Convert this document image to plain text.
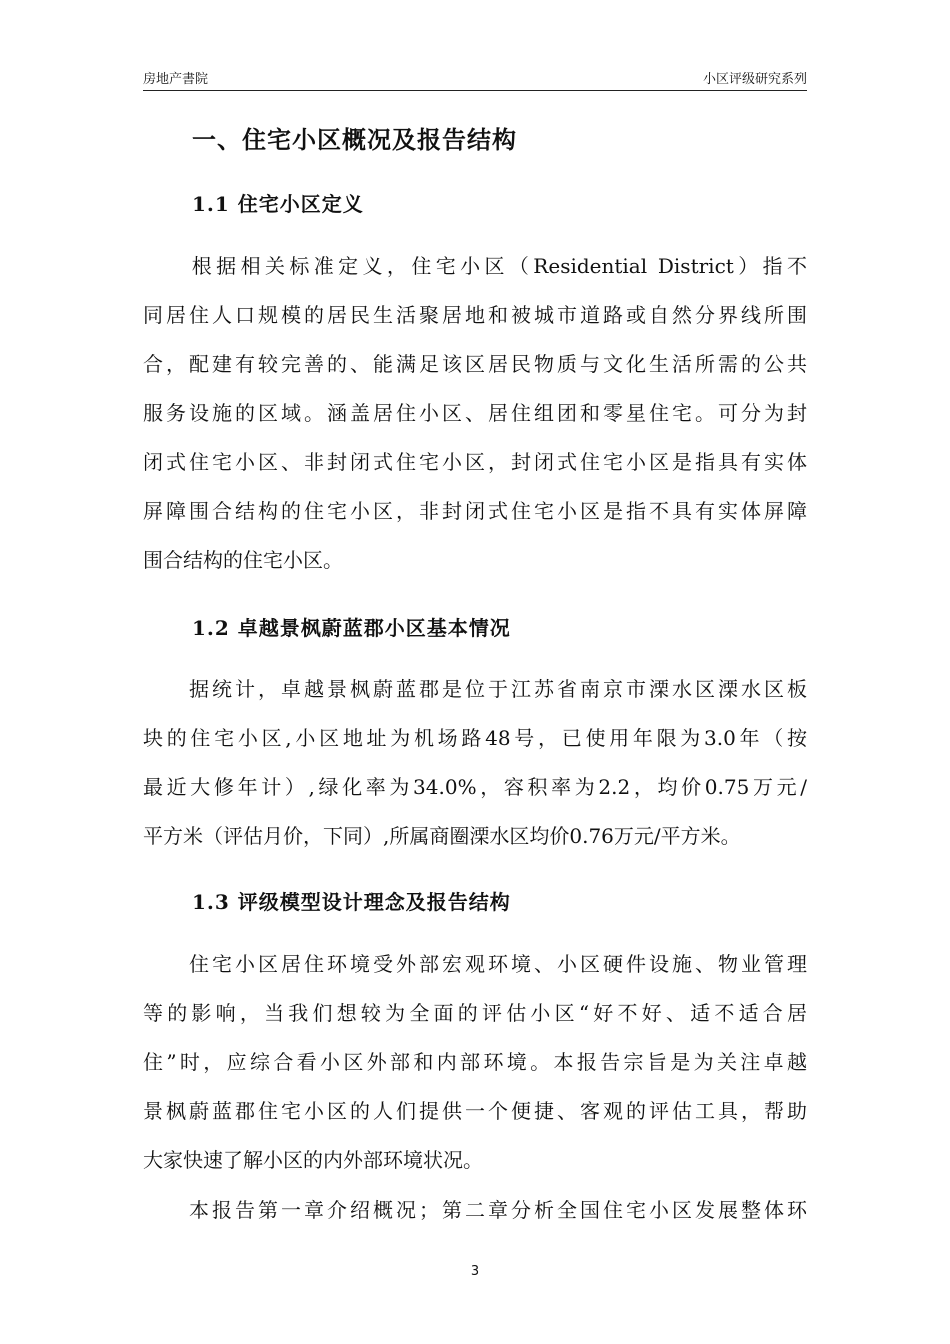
房地产書院	小区评级研究系列
一、住宅小区概况及报告结构
1.1 住宅小区定义
　　根据相关标准定义，住宅小区（Residential District）指不
同居住人口规模的居民生活聚居地和被城市道路或自然分界线所围
合，配建有较完善的、能满足该区居民物质与文化生活所需的公共
服务设施的区域。涵盖居住小区、居住组团和零星住宅。可分为封
闭式住宅小区、非封闭式住宅小区，封闭式住宅小区是指具有实体
屏障围合结构的住宅小区，非封闭式住宅小区是指不具有实体屏障
围合结构的住宅小区。
1.2 卓越景枫蔚蓝郡小区基本情况
　　据统计，卓越景枫蔚蓝郡是位于江苏省南京市溧水区溧水区板
块的住宅小区,小区地址为机场路48号，已使用年限为3.0年（按
最近大修年计）,绿化率为34.0%，容积率为2.2，均价0.75万元/
平方米（评估月价，下同）,所属商圈溧水区均价0.76万元/平方米。
1.3 评级模型设计理念及报告结构
　　住宅小区居住环境受外部宏观环境、小区硬件设施、物业管理
等的影响，当我们想较为全面的评估小区“好不好、适不适合居
住”时，应综合看小区外部和内部环境。本报告宗旨是为关注卓越
景枫蔚蓝郡住宅小区的人们提供一个便捷、客观的评估工具，帮助
大家快速了解小区的内外部环境状况。
　　本报告第一章介绍概况；第二章分析全国住宅小区发展整体环
3
